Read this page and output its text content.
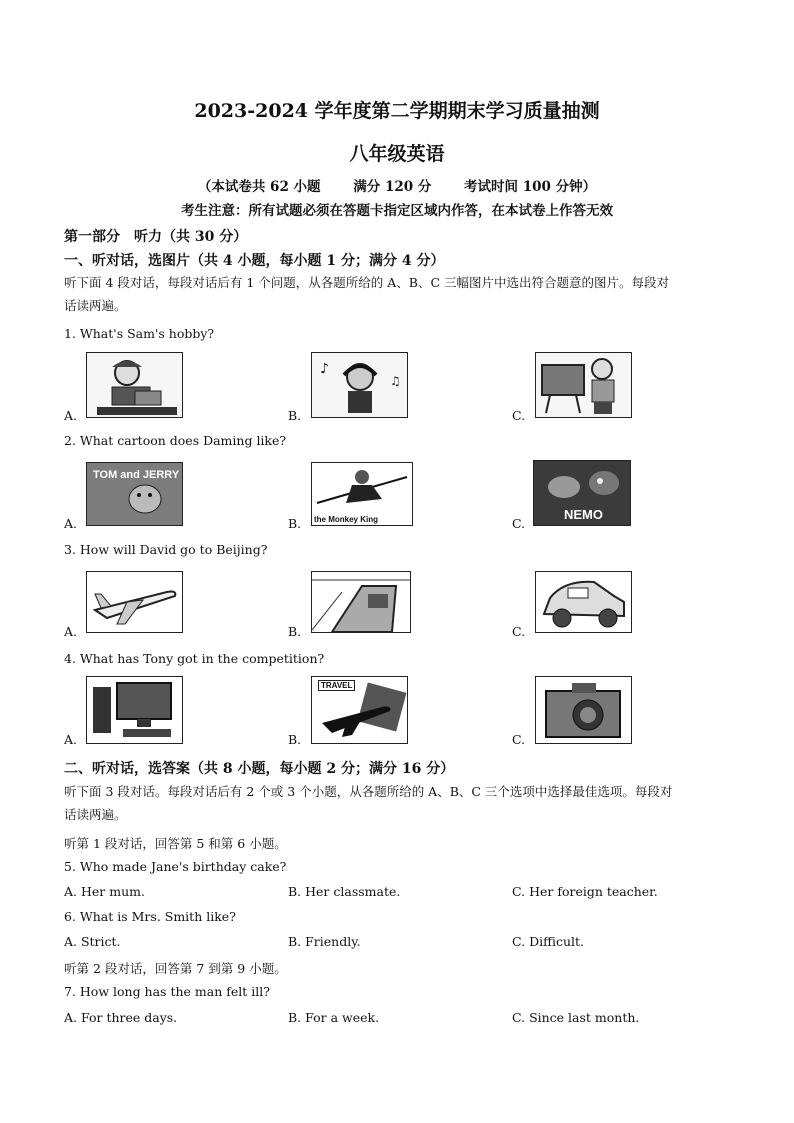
2023-2024 学年度第二学期期末学习质量抽测
八年级英语
（本试卷共 62 小题 满分 120 分 考试时间 100 分钟）
考生注意：所有试题必须在答题卡指定区域内作答，在本试卷上作答无效
第一部分　听力（共 30 分）
一、听对话，选图片（共 4 小题，每小题 1 分；满分 4 分）
听下面 4 段对话，每段对话后有 1 个问题，从各题所给的 A、B、C 三幅图片中选出符合题意的图片。每段对
话读两遍。
1. What's Sam's hobby?
A.	B.	C.
♪
♫
2. What cartoon does Daming like?
A.	B.	C.
TOM and JERRY
the Monkey King	NEMO
3. How will David go to Beijing?
A.	B.	C.
4. What has Tony got in the competition?
A.	B.	C.
TRAVEL
二、听对话，选答案（共 8 小题，每小题 2 分；满分 16 分）
听下面 3 段对话。每段对话后有 2 个或 3 个小题，从各题所给的 A、B、C 三个选项中选择最佳选项。每段对
话读两遍。
听第 1 段对话，回答第 5 和第 6 小题。
5. Who made Jane's birthday cake?
A. Her mum.	B. Her classmate.	C. Her foreign teacher.
6. What is Mrs. Smith like?
A. Strict.	B. Friendly.	C. Difficult.
听第 2 段对话，回答第 7 到第 9 小题。
7. How long has the man felt ill?
A. For three days.	B. For a week.	C. Since last month.
